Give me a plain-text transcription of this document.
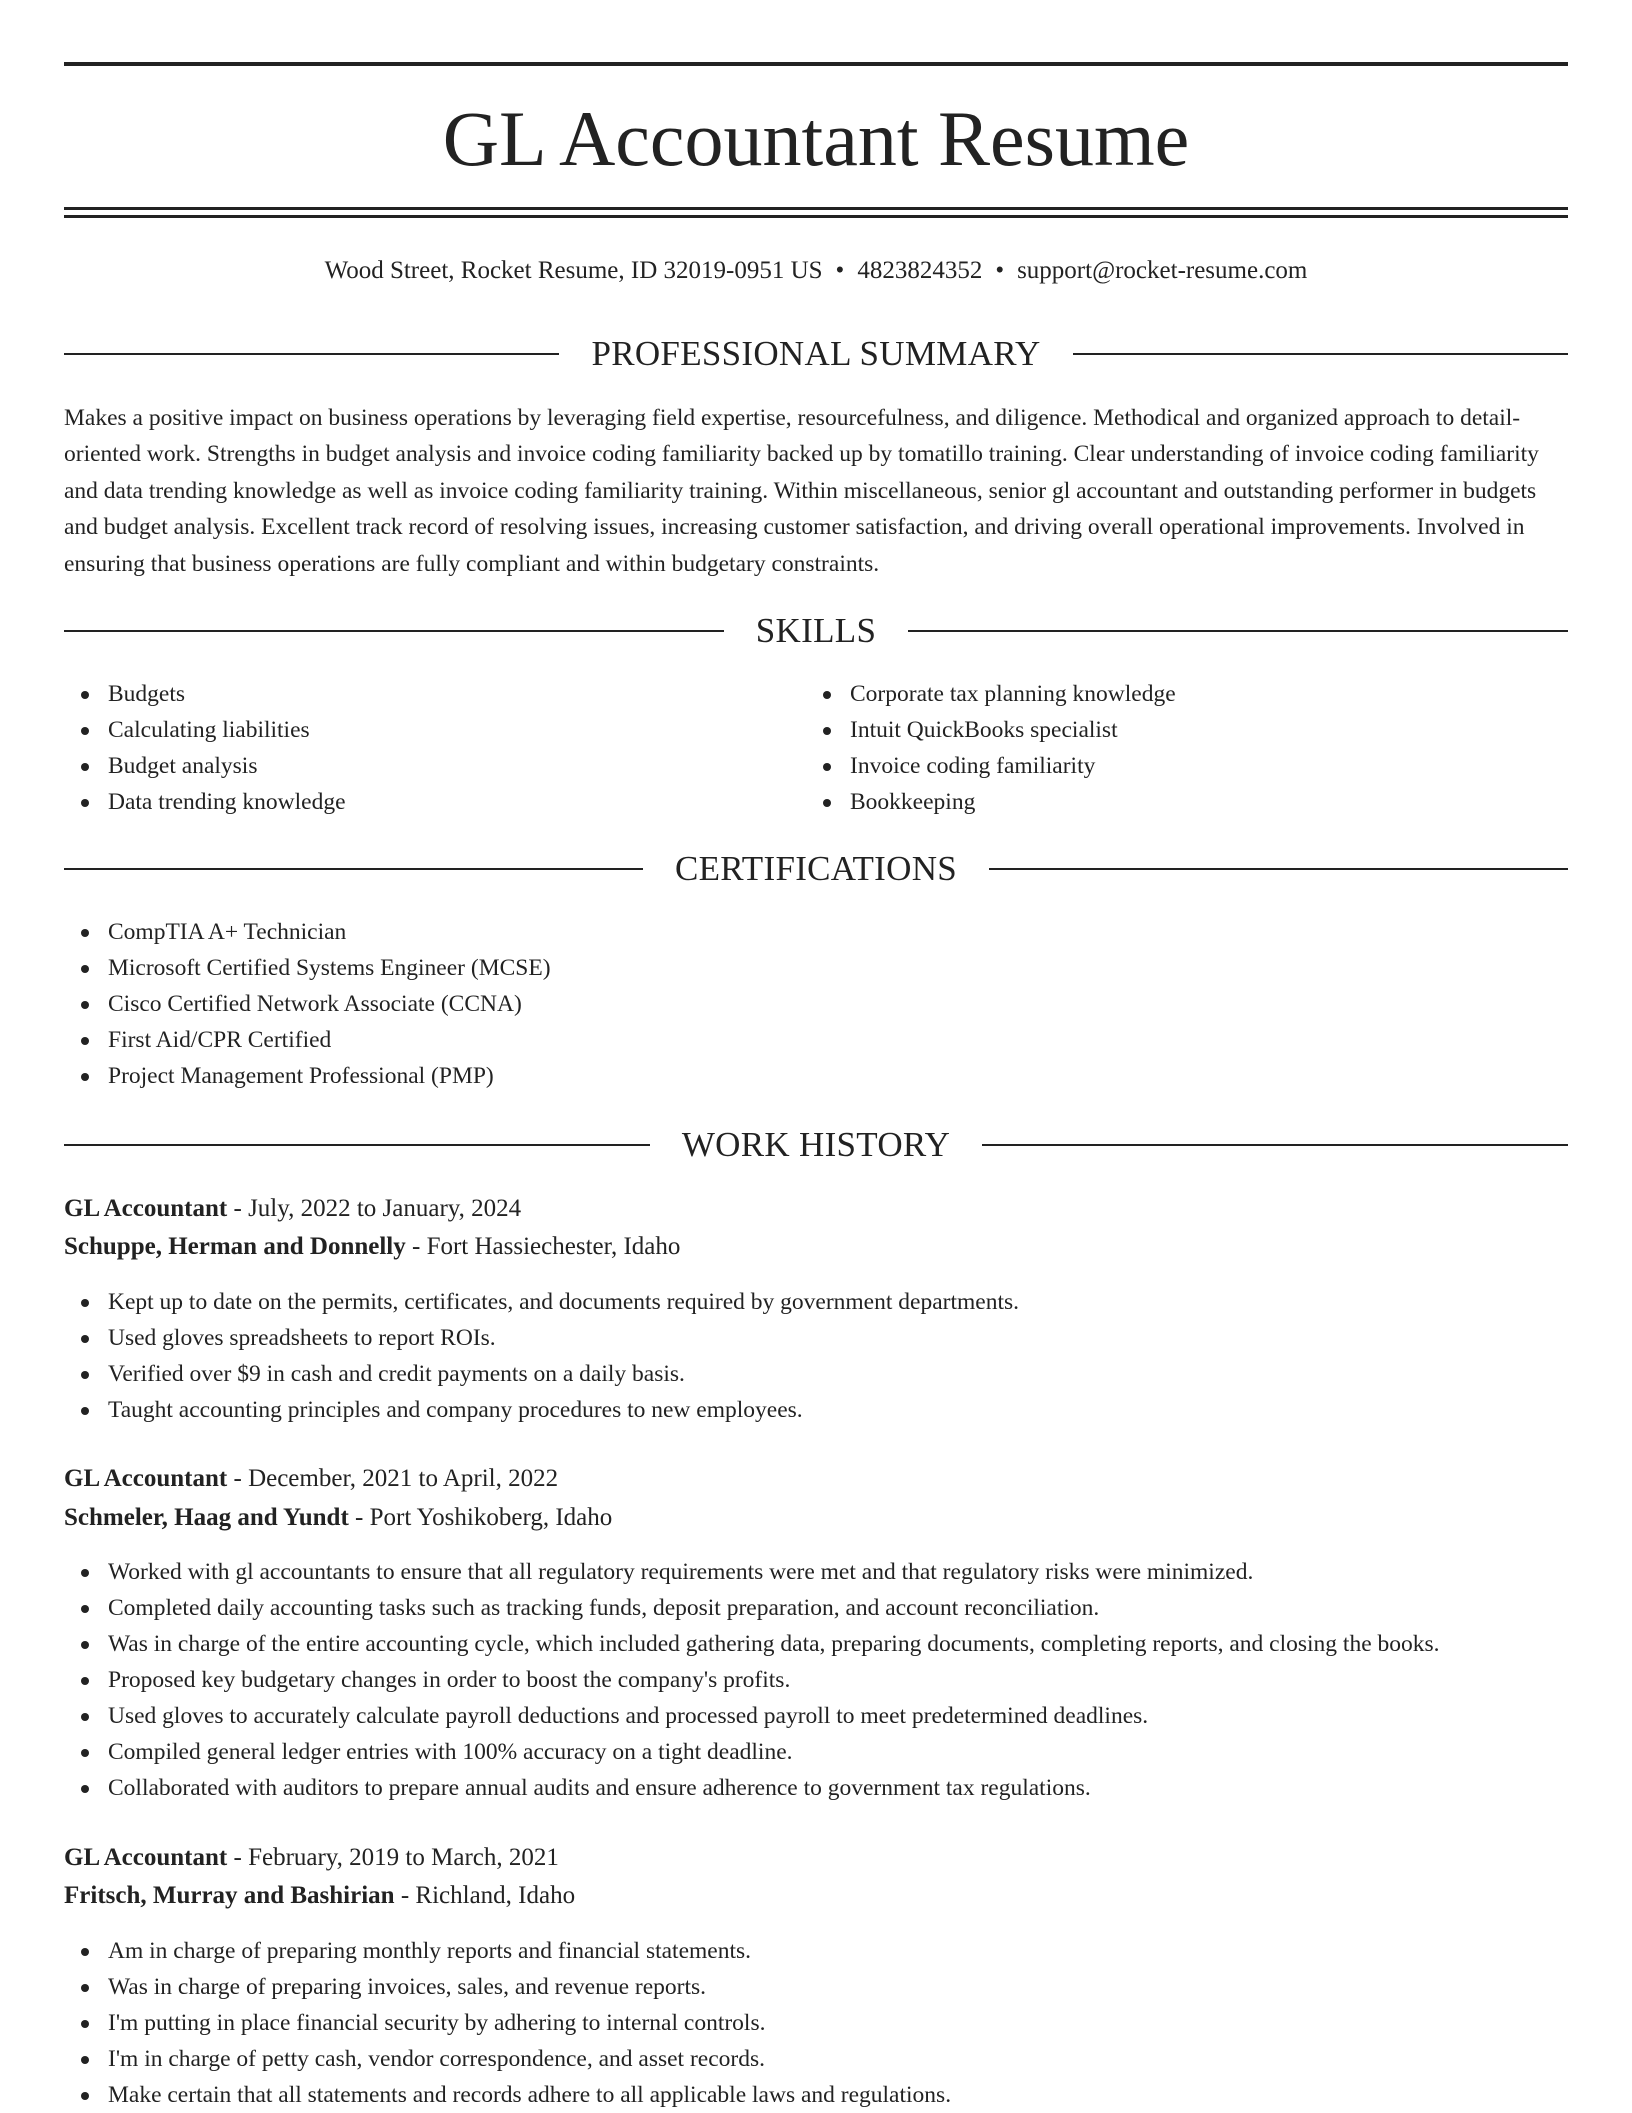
GL Accountant Resume
Wood Street, Rocket Resume, ID 32019-0951 US • 4823824352 • support@rocket-resume.com
PROFESSIONAL SUMMARY

Makes a positive impact on business operations by leveraging field expertise, resourcefulness, and diligence. Methodical and organized approach to detail-oriented work. Strengths in budget analysis and invoice coding familiarity backed up by tomatillo training. Clear understanding of invoice coding familiarity and data trending knowledge as well as invoice coding familiarity training. Within miscellaneous, senior gl accountant and outstanding performer in budgets and budget analysis. Excellent track record of resolving issues, increasing customer satisfaction, and driving overall operational improvements. Involved in ensuring that business operations are fully compliant and within budgetary constraints.

SKILLS
Budgets
Calculating liabilities
Budget analysis
Data trending knowledge
Corporate tax planning knowledge
Intuit QuickBooks specialist
Invoice coding familiarity
Bookkeeping
CERTIFICATIONS
CompTIA A+ Technician
Microsoft Certified Systems Engineer (MCSE)
Cisco Certified Network Associate (CCNA)
First Aid/CPR Certified
Project Management Professional (PMP)
WORK HISTORY
GL Accountant - July, 2022 to January, 2024
Schuppe, Herman and Donnelly - Fort Hassiechester, Idaho
Kept up to date on the permits, certificates, and documents required by government departments.
Used gloves spreadsheets to report ROIs.
Verified over $9 in cash and credit payments on a daily basis.
Taught accounting principles and company procedures to new employees.
GL Accountant - December, 2021 to April, 2022
Schmeler, Haag and Yundt - Port Yoshikoberg, Idaho
Worked with gl accountants to ensure that all regulatory requirements were met and that regulatory risks were minimized.
Completed daily accounting tasks such as tracking funds, deposit preparation, and account reconciliation.
Was in charge of the entire accounting cycle, which included gathering data, preparing documents, completing reports, and closing the books.
Proposed key budgetary changes in order to boost the company's profits.
Used gloves to accurately calculate payroll deductions and processed payroll to meet predetermined deadlines.
Compiled general ledger entries with 100% accuracy on a tight deadline.
Collaborated with auditors to prepare annual audits and ensure adherence to government tax regulations.
GL Accountant - February, 2019 to March, 2021
Fritsch, Murray and Bashirian - Richland, Idaho
Am in charge of preparing monthly reports and financial statements.
Was in charge of preparing invoices, sales, and revenue reports.
I'm putting in place financial security by adhering to internal controls.
I'm in charge of petty cash, vendor correspondence, and asset records.
Make certain that all statements and records adhere to all applicable laws and regulations.
